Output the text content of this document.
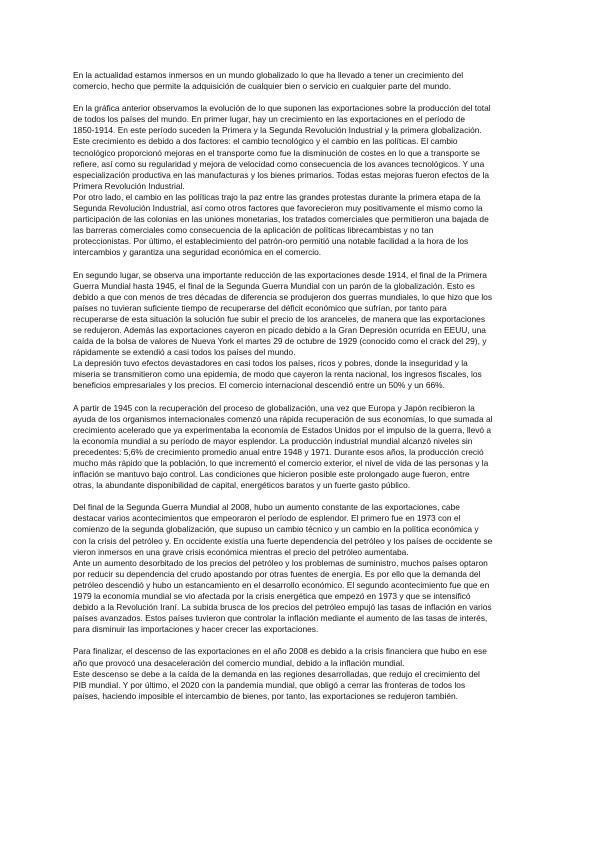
En la actualidad estamos inmersos en un mundo globalizado lo que ha llevado a tener un crecimiento del
comercio, hecho que permite la adquisición de cualquier bien o servicio en cualquier parte del mundo.
En la gráfica anterior observamos la evolución de lo que suponen las exportaciones sobre la producción del total
de todos los países del mundo. En primer lugar, hay un crecimiento en las exportaciones en el período de
1850-1914. En este período suceden la Primera y la Segunda Revolución Industrial y la primera globalización.
Este crecimiento es debido a dos factores: el cambio tecnológico y el cambio en las políticas. El cambio
tecnológico proporcionó mejoras en el transporte como fue la disminución de costes en lo que a transporte se
refiere, así como su regularidad y mejora de velocidad como consecuencia de los avances tecnológicos. Y una
especialización productiva en las manufacturas y los bienes primarios. Todas estas mejoras fueron efectos de la
Primera Revolución Industrial.
Por otro lado, el cambio en las políticas trajo la paz entre las grandes protestas durante la primera etapa de la
Segunda Revolución Industrial, así como otros factores que favorecieron muy positivamente el mismo como la
participación de las colonias en las uniones monetarias, los tratados comerciales que permitieron una bajada de
las barreras comerciales como consecuencia de la aplicación de políticas librecambistas y no tan
proteccionistas. Por último, el establecimiento del patrón-oro permitió una notable facilidad a la hora de los
intercambios y garantiza una seguridad económica en el comercio.
En segundo lugar, se observa una importante reducción de las exportaciones desde 1914, el final de la Primera
Guerra Mundial hasta 1945, el final de la Segunda Guerra Mundial con un parón de la globalización. Esto es
debido a que con menos de tres décadas de diferencia se produjeron dos guerras mundiales, lo que hizo que los
países no tuvieran suficiente tiempo de recuperarse del déficit económico que sufrían, por tanto para
recuperarse de esta situación la solución fue subir el precio de los aranceles, de manera que las exportaciones
se redujeron. Además las exportaciones cayeron en picado debido a la Gran Depresión ocurrida en EEUU, una
caída de la bolsa de valores de Nueva York el martes 29 de octubre de 1929 (conocido como el crack del 29), y
rápidamente se extendió a casi todos los países del mundo.
La depresión tuvo efectos devastadores en casi todos los países, ricos y pobres, donde la inseguridad y la
miseria se transmitieron como una epidemia, de modo que cayeron la renta nacional, los ingresos fiscales, los
beneficios empresariales y los precios. El comercio internacional descendió entre un 50% y un 66%.
A partir de 1945 con la recuperación del proceso de globalización, una vez que Europa y Japón recibieron la
ayuda de los organismos internacionales comenzó una rápida recuperación de sus economías, lo que sumada al
crecimiento acelerado que ya experimentaba la economía de Estados Unidos por el impulso de la guerra, llevó a
la economía mundial a su período de mayor esplendor. La producción industrial mundial alcanzó niveles sin
precedentes: 5,6% de crecimiento promedio anual entre 1948 y 1971. Durante esos años, la producción creció
mucho más rápido que la población, lo que incrementó el comercio exterior, el nivel de vida de las personas y la
inflación se mantuvo bajo control. Las condiciones que hicieron posible este prolongado auge fueron, entre
otras, la abundante disponibilidad de capital, energéticos baratos y un fuerte gasto público.
Del final de la Segunda Guerra Mundial al 2008, hubo un aumento constante de las exportaciones, cabe
destacar varios acontecimientos que empeoraron el período de esplendor. El primero fue en 1973 con el
comienzo de la segunda globalización, que supuso un cambio técnico y un cambio en la política económica y
con la crisis del petróleo y. En occidente existía una fuerte dependencia del petróleo y los países de occidente se
vieron inmersos en una grave crisis económica mientras el precio del petróleo aumentaba.
Ante un aumento desorbitado de los precios del petróleo y los problemas de suministro, muchos países optaron
por reducir su dependencia del crudo apostando por otras fuentes de energía. Es por ello que la demanda del
petróleo descendió y hubo un estancamiento en el desarrollo económico. El segundo acontecimiento fue que en
1979 la economía mundial se vio afectada por la crisis energética que empezó en 1973 y que se intensificó
debido a la Revolución Iraní. La subida brusca de los precios del petróleo empujó las tasas de inflación en varios
países avanzados. Estos países tuvieron que controlar la inflación mediante el aumento de las tasas de interés,
para disminuir las importaciones y hacer crecer las exportaciones.
Para finalizar, el descenso de las exportaciones en el año 2008 es debido a la crisis financiera que hubo en ese
año que provocó una desaceleración del comercio mundial, debido a la inflación mundial.
Este descenso se debe a la caída de la demanda en las regiones desarrolladas, que redujo el crecimiento del
PIB mundial. Y por último, el 2020 con la pandemia mundial, que obligó a cerrar las fronteras de todos los
países, haciendo imposible el intercambio de bienes, por tanto, las exportaciones se redujeron también.
